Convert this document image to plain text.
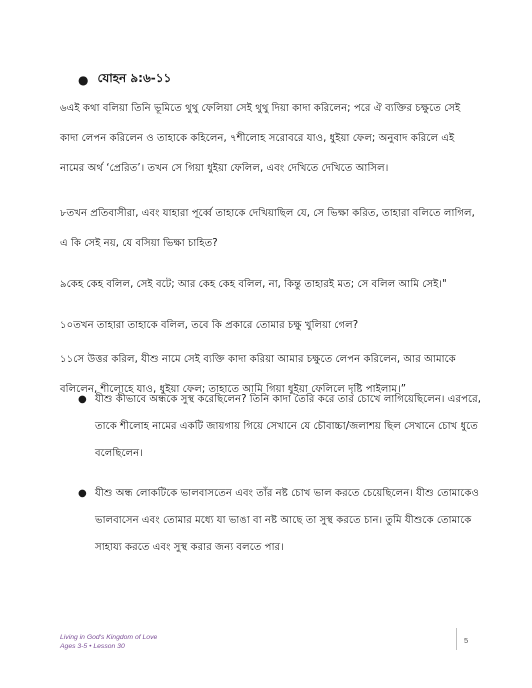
● যোহন ৯:৬-১১

৬এই কথা বলিয়া তিনি ভূমিতে থুথু ফেলিয়া সেই থুথু দিয়া কাদা করিলেন; পরে ঐ ব্যক্তির চক্ষুতে সেই কাদা লেপন করিলেন ও তাহাকে কহিলেন, ৭শীলোহ সরোবরে যাও, ধুইয়া ফেল; অনুবাদ করিলে এই নামের অর্থ ‘প্রেরিত’। তখন সে গিয়া ধুইয়া ফেলিল, এবং দেখিতে দেখিতে আসিল।

৮তখন প্রতিবাসীরা, এবং যাহারা পূর্ব্বে তাহাকে দেখিয়াছিল যে, সে ভিক্ষা করিত, তাহারা বলিতে লাগিল, এ কি সেই নয়, যে বসিয়া ভিক্ষা চাহিত?

৯কেহ কেহ বলিল, সেই বটে; আর কেহ কেহ বলিল, না, কিন্তু তাহারই মত; সে বলিল আমি সেই।"

১০তখন তাহারা তাহাকে বলিল, তবে কি প্রকারে তোমার চক্ষু খুলিয়া গেল?

১১সে উত্তর করিল, যীশু নামে সেই ব্যক্তি কাদা করিয়া আমার চক্ষুতে লেপন করিলেন, আর আমাকে বলিলেন, শীলোহে যাও, ধুইয়া ফেল; তাহাতে আমি গিয়া ধুইয়া ফেলিলে দৃষ্টি পাইলাম।”

● যীশু কীভাবে অন্ধকে সুস্থ করেছিলেন? তিনি কাদা তৈরি করে তার চোখে লাগিয়েছিলেন। এরপরে, তাকে শীলোহ নামের একটি জায়গায় গিয়ে সেখানে যে চৌবাচ্চা/জলাশয় ছিল সেখানে চোখ ধুতে বলেছিলেন।
● যীশু অন্ধ লোকটিকে ভালবাসতেন এবং তাঁর নষ্ট চোখ ভাল করতে চেয়েছিলেন। যীশু তোমাকেও ভালবাসেন এবং তোমার মধ্যে যা ভাঙা বা নষ্ট আছে তা সুস্থ করতে চান। তুমি যীশুকে তোমাকে সাহায্য করতে এবং সুস্থ করার জন্য বলতে পার।
Living in God's Kingdom of Love
Ages 3-5 • Lesson 30
5
